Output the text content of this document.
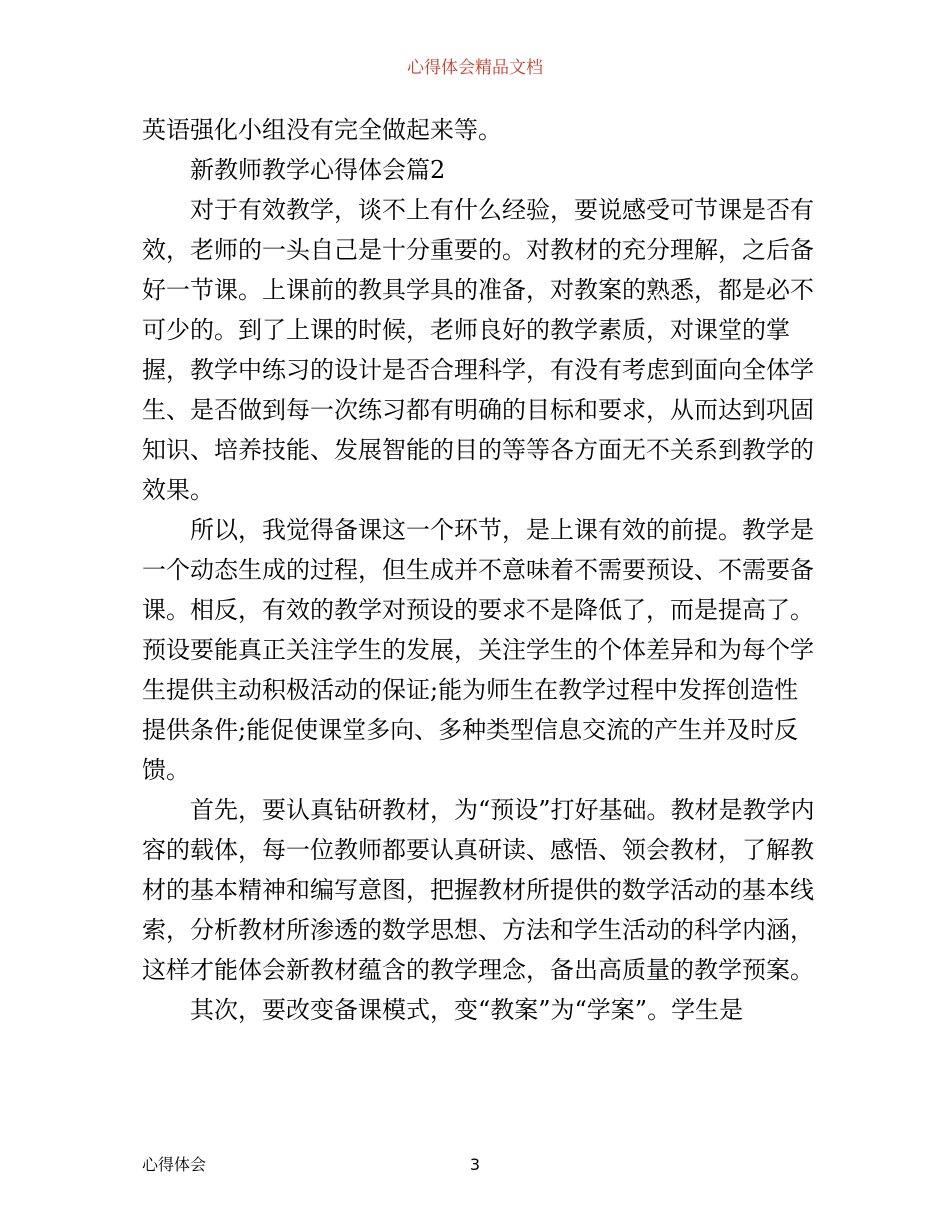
心得体会精品文档

英语强化小组没有完全做起来等。

新教师教学心得体会篇2

对于有效教学，谈不上有什么经验，要说感受可节课是否有效，老师的一头自己是十分重要的。对教材的充分理解，之后备好一节课。上课前的教具学具的准备，对教案的熟悉，都是必不可少的。到了上课的时候，老师良好的教学素质，对课堂的掌握，教学中练习的设计是否合理科学，有没有考虑到面向全体学生、是否做到每一次练习都有明确的目标和要求，从而达到巩固知识、培养技能、发展智能的目的等等各方面无不关系到教学的效果。

所以，我觉得备课这一个环节，是上课有效的前提。教学是一个动态生成的过程，但生成并不意味着不需要预设、不需要备课。相反，有效的教学对预设的要求不是降低了，而是提高了。预设要能真正关注学生的发展，关注学生的个体差异和为每个学生提供主动积极活动的保证;能为师生在教学过程中发挥创造性提供条件;能促使课堂多向、多种类型信息交流的产生并及时反馈。

首先，要认真钻研教材，为“预设”打好基础。教材是教学内容的载体，每一位教师都要认真研读、感悟、领会教材，了解教材的基本精神和编写意图，把握教材所提供的数学活动的基本线索，分析教材所渗透的数学思想、方法和学生活动的科学内涵，这样才能体会新教材蕴含的教学理念，备出高质量的教学预案。

其次，要改变备课模式，变“教案”为“学案”。学生是

心得体会	3
